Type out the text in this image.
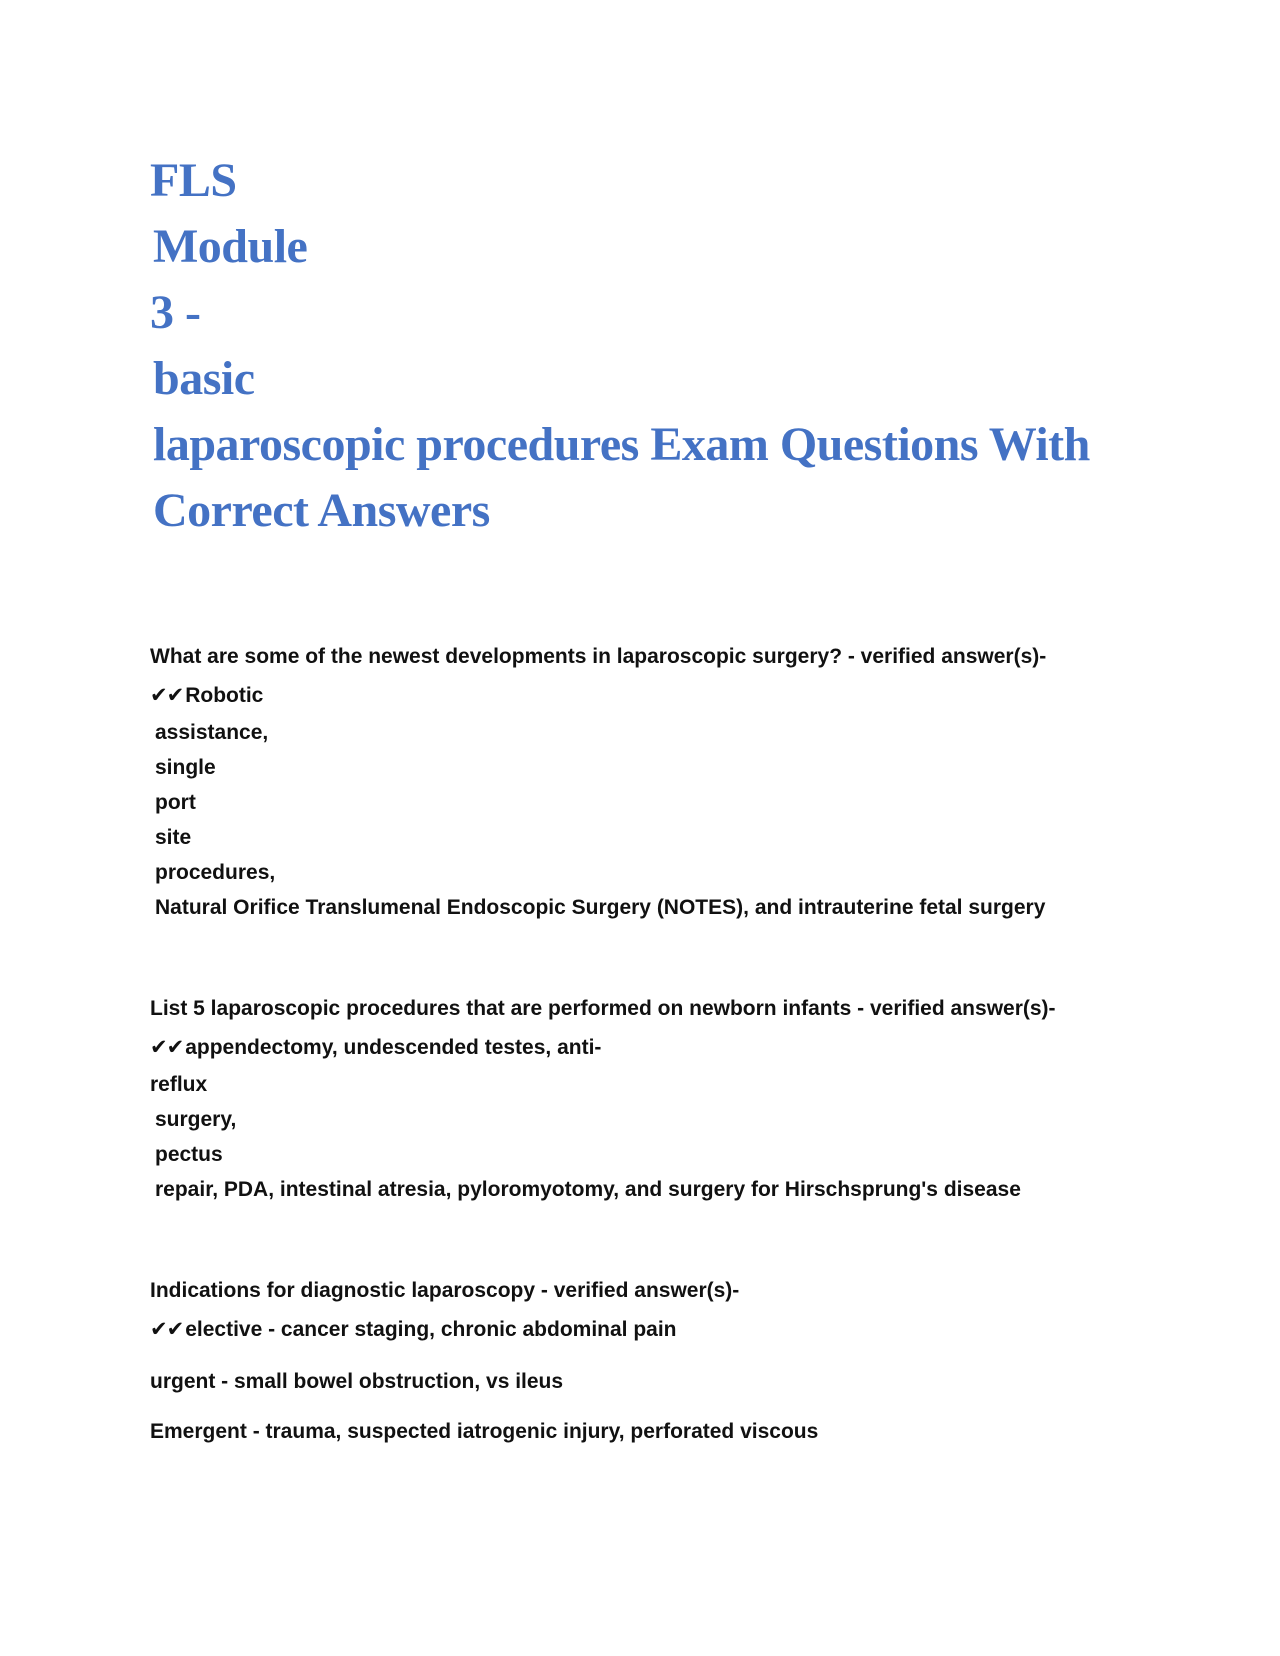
FLS
Module
3 -
basic
laparoscopic procedures Exam Questions With
Correct Answers
What are some of the newest developments in laparoscopic surgery? - verified answer(s)-
✔✔Robotic
assistance,
single
port
site
procedures,
Natural Orifice Translumenal Endoscopic Surgery (NOTES), and intrauterine fetal surgery
List 5 laparoscopic procedures that are performed on newborn infants - verified answer(s)-
✔✔appendectomy, undescended testes, anti-
reflux
surgery,
pectus
repair, PDA, intestinal atresia, pyloromyotomy, and surgery for Hirschsprung's disease
Indications for diagnostic laparoscopy - verified answer(s)-
✔✔elective - cancer staging, chronic abdominal pain
urgent - small bowel obstruction, vs ileus
Emergent - trauma, suspected iatrogenic injury, perforated viscous
